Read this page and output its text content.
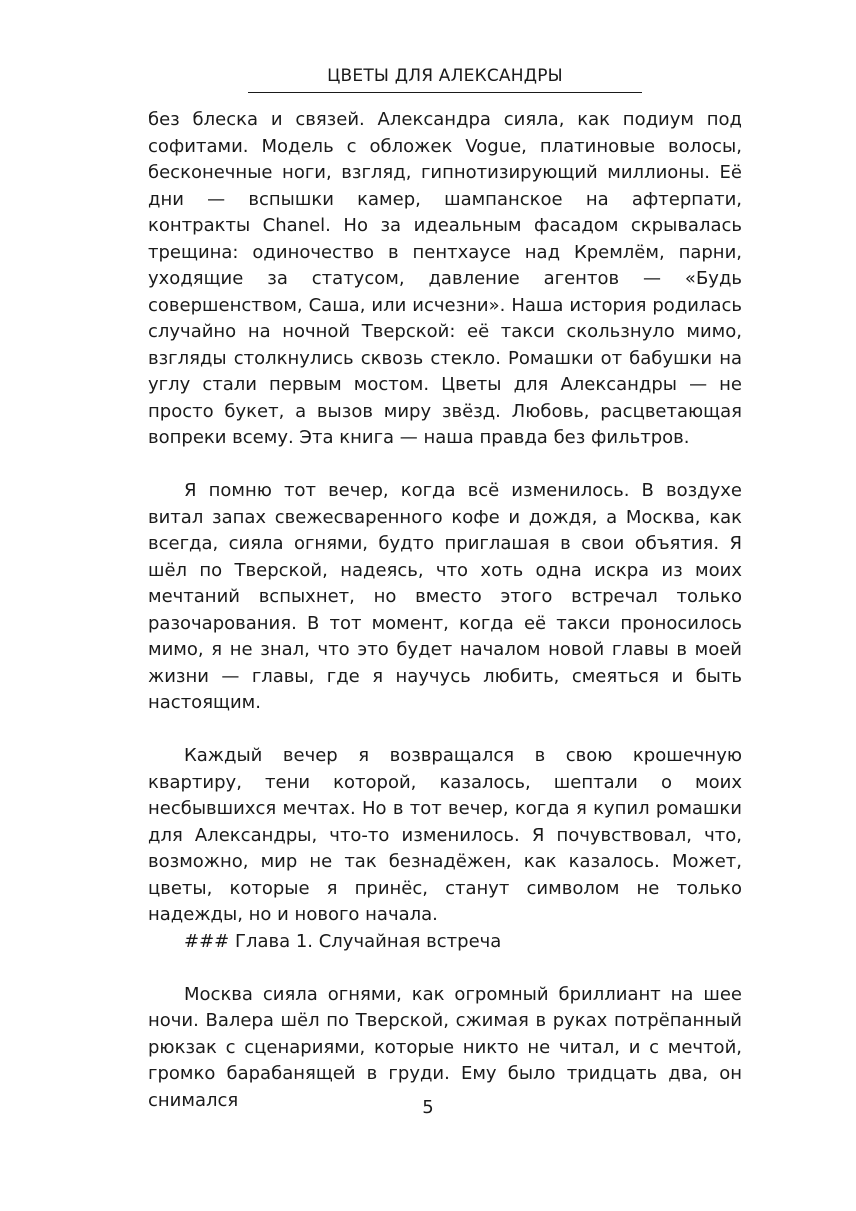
ЦВЕТЫ ДЛЯ АЛЕКСАНДРЫ

без блеска и связей. Александра сияла, как подиум под софитами. Модель с обложек Vogue, платиновые волосы, бесконечные ноги, взгляд, гипнотизирующий миллионы. Её дни — вспышки камер, шампанское на афтерпати, контракты Chanel. Но за идеальным фасадом скрывалась трещина: одиночество в пентхаусе над Кремлём, парни, уходящие за статусом, давление агентов — «Будь совершенством, Саша, или исчезни». Наша история родилась случайно на ночной Тверской: её такси скользнуло мимо, взгляды столкнулись сквозь стекло. Ромашки от бабушки на углу стали первым мостом. Цветы для Александры — не просто букет, а вызов миру звёзд. Любовь, расцветающая вопреки всему. Эта книга — наша правда без фильтров.

Я помню тот вечер, когда всё изменилось. В воздухе витал запах свежесваренного кофе и дождя, а Москва, как всегда, сияла огнями, будто приглашая в свои объятия. Я шёл по Тверской, надеясь, что хоть одна искра из моих мечтаний вспыхнет, но вместо этого встречал только разочарования. В тот момент, когда её такси проносилось мимо, я не знал, что это будет началом новой главы в моей жизни — главы, где я научусь любить, смеяться и быть настоящим.

Каждый вечер я возвращался в свою крошечную квартиру, тени которой, казалось, шептали о моих несбывшихся мечтах. Но в тот вечер, когда я купил ромашки для Александры, что-то изменилось. Я почувствовал, что, возможно, мир не так безнадёжен, как казалось. Может, цветы, которые я принёс, станут символом не только надежды, но и нового начала.

### Глава 1. Случайная встреча

Москва сияла огнями, как огромный бриллиант на шее ночи. Валера шёл по Тверской, сжимая в руках потрёпанный рюкзак с сценариями, которые никто не читал, и с мечтой, громко барабанящей в груди. Ему было тридцать два, он снимался	5
